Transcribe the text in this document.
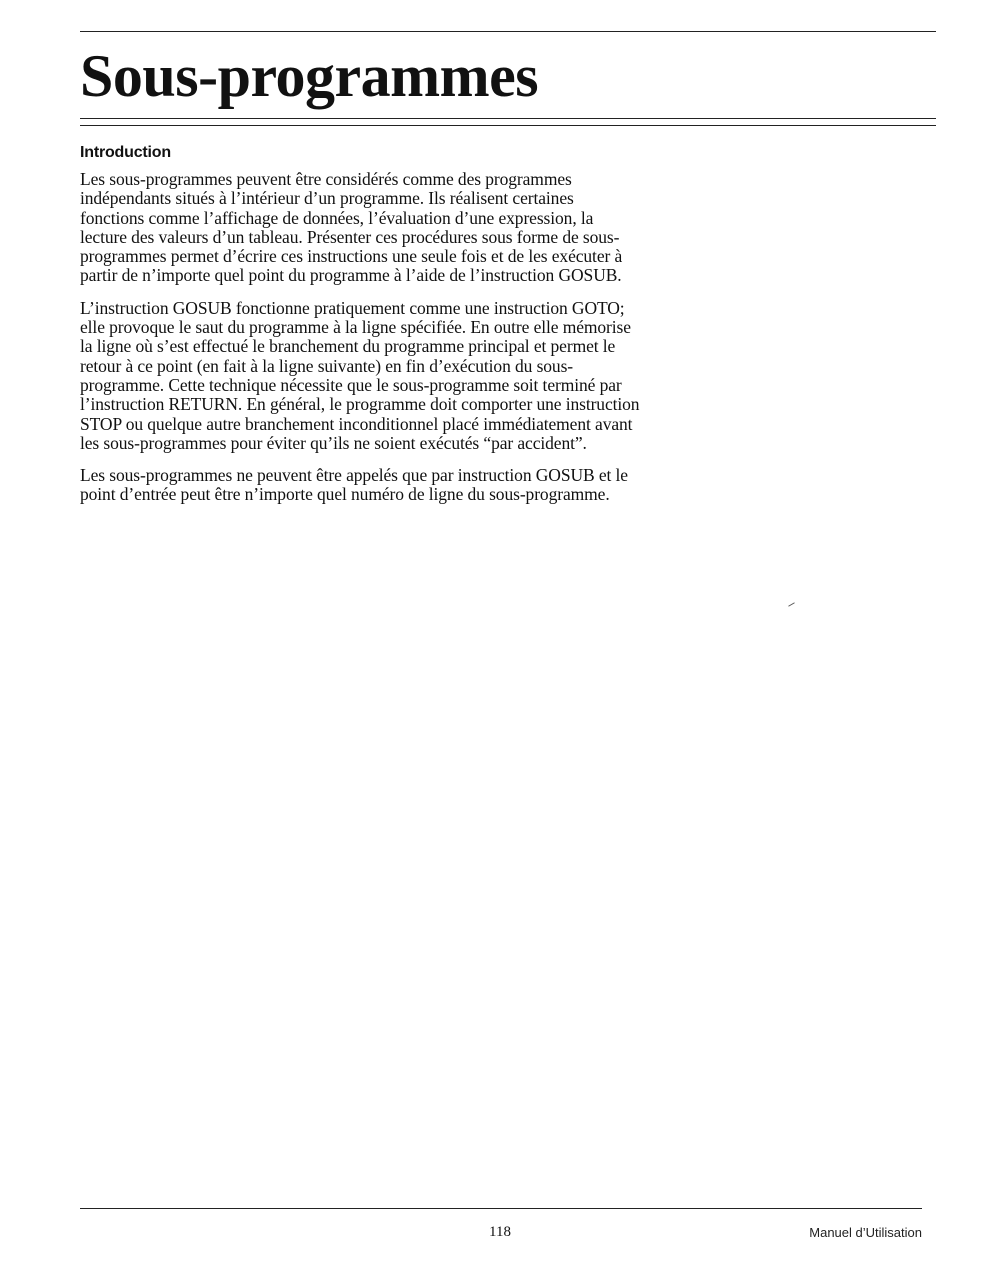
Sous-programmes
Introduction

Les sous-programmes peuvent être considérés comme des programmes indépendants situés à l’intérieur d’un programme. Ils réalisent certaines fonctions comme l’affichage de données, l’évaluation d’une expression, la lecture des valeurs d’un tableau. Présenter ces procédures sous forme de sous-programmes permet d’écrire ces instructions une seule fois et de les exécuter à partir de n’importe quel point du programme à l’aide de l’instruction GOSUB.

L’instruction GOSUB fonctionne pratiquement comme une instruction GOTO; elle provoque le saut du programme à la ligne spécifiée. En outre elle mémorise la ligne où s’est effectué le branchement du programme principal et permet le retour à ce point (en fait à la ligne suivante) en fin d’exécution du sous-programme. Cette technique nécessite que le sous-programme soit terminé par l’instruction RETURN. En général, le programme doit comporter une instruction STOP ou quelque autre branchement inconditionnel placé immédiatement avant les sous-programmes pour éviter qu’ils ne soient exécutés “par accident”.

Les sous-programmes ne peuvent être appelés que par instruction GOSUB et le point d’entrée peut être n’importe quel numéro de ligne du sous-programme.

118	Manuel d’Utilisation
